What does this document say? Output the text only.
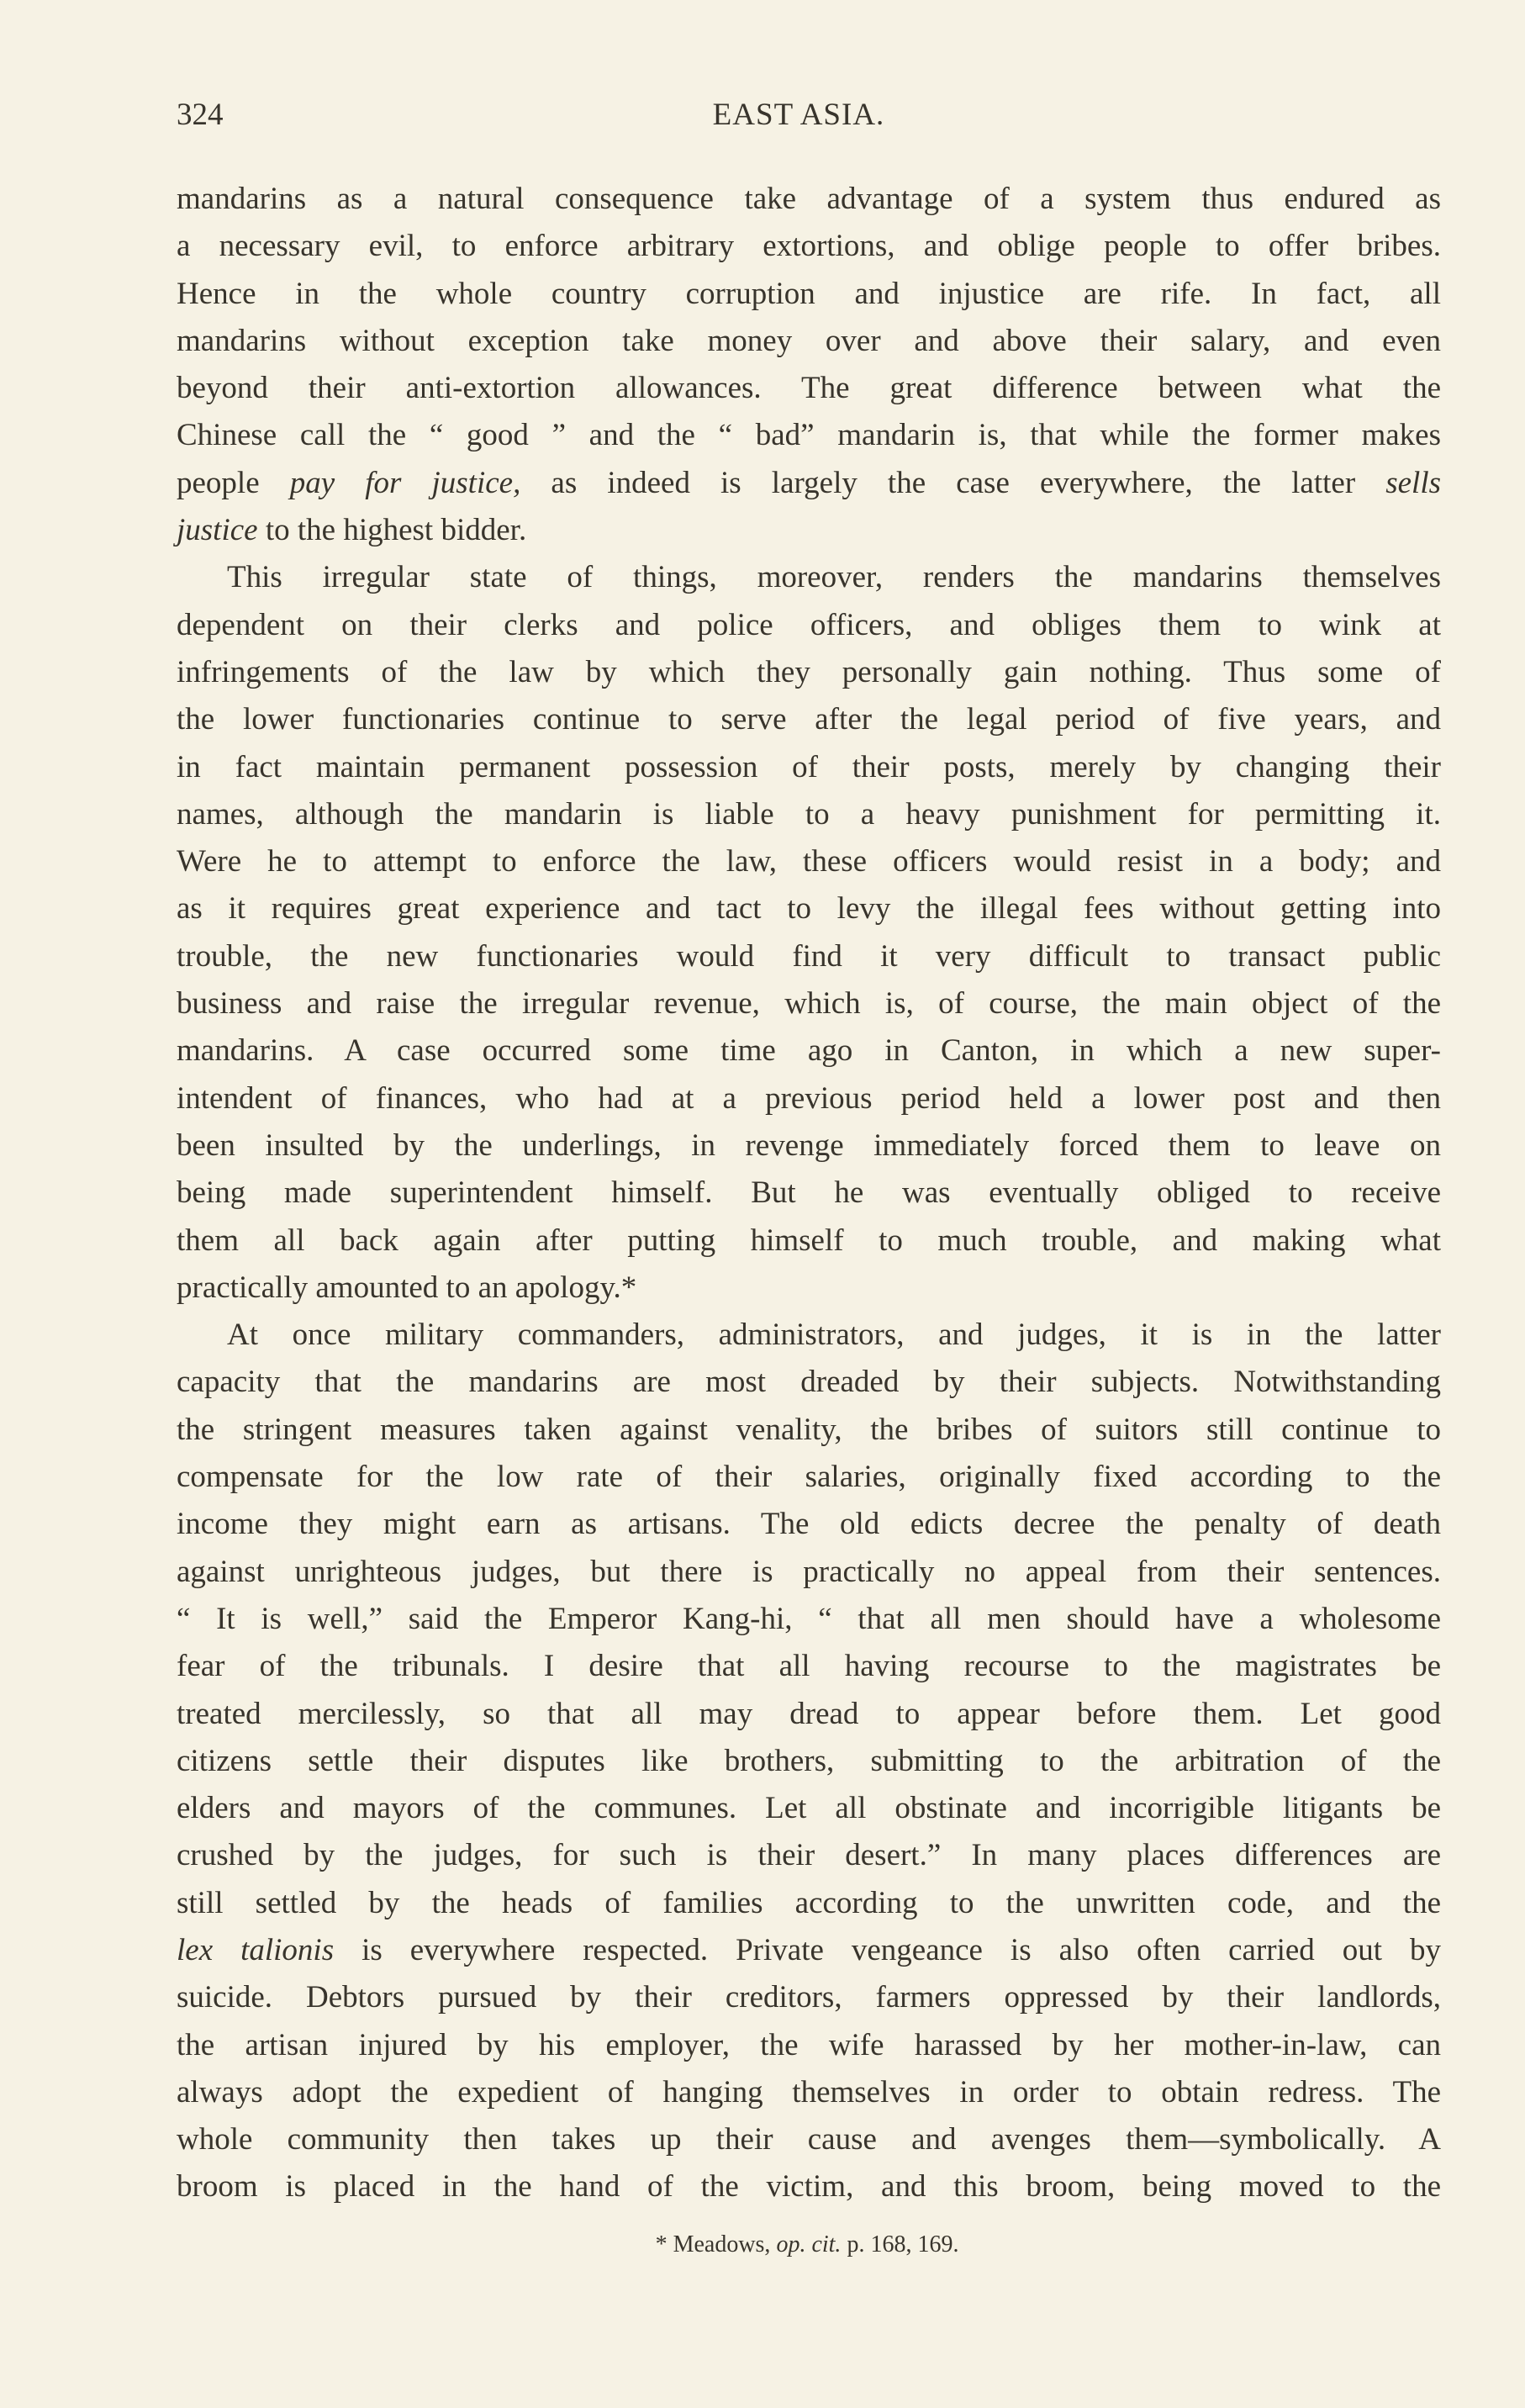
324	EAST ASIA.
mandarins as a natural consequence take advantage of a system thus endured as
a necessary evil, to enforce arbitrary extortions, and oblige people to offer bribes.
Hence in the whole country corruption and injustice are rife. In fact, all
mandarins without exception take money over and above their salary, and even
beyond their anti-extortion allowances. The great difference between what the
Chinese call the “ good ” and the “ bad” mandarin is, that while the former makes
people pay for justice, as indeed is largely the case everywhere, the latter sells
justice to the highest bidder.
This irregular state of things, moreover, renders the mandarins themselves
dependent on their clerks and police officers, and obliges them to wink at
infringements of the law by which they personally gain nothing. Thus some of
the lower functionaries continue to serve after the legal period of five years, and
in fact maintain permanent possession of their posts, merely by changing their
names, although the mandarin is liable to a heavy punishment for permitting it.
Were he to attempt to enforce the law, these officers would resist in a body; and
as it requires great experience and tact to levy the illegal fees without getting into
trouble, the new functionaries would find it very difficult to transact public
business and raise the irregular revenue, which is, of course, the main object of the
mandarins. A case occurred some time ago in Canton, in which a new super-
intendent of finances, who had at a previous period held a lower post and then
been insulted by the underlings, in revenge immediately forced them to leave on
being made superintendent himself. But he was eventually obliged to receive
them all back again after putting himself to much trouble, and making what
practically amounted to an apology.*
At once military commanders, administrators, and judges, it is in the latter
capacity that the mandarins are most dreaded by their subjects. Notwithstanding
the stringent measures taken against venality, the bribes of suitors still continue to
compensate for the low rate of their salaries, originally fixed according to the
income they might earn as artisans. The old edicts decree the penalty of death
against unrighteous judges, but there is practically no appeal from their sentences.
“ It is well,” said the Emperor Kang-hi, “ that all men should have a wholesome
fear of the tribunals. I desire that all having recourse to the magistrates be
treated mercilessly, so that all may dread to appear before them. Let good
citizens settle their disputes like brothers, submitting to the arbitration of the
elders and mayors of the communes. Let all obstinate and incorrigible litigants be
crushed by the judges, for such is their desert.” In many places differences are
still settled by the heads of families according to the unwritten code, and the
lex talionis is everywhere respected. Private vengeance is also often carried out by
suicide. Debtors pursued by their creditors, farmers oppressed by their landlords,
the artisan injured by his employer, the wife harassed by her mother-in-law, can
always adopt the expedient of hanging themselves in order to obtain redress. The
whole community then takes up their cause and avenges them—symbolically. A
broom is placed in the hand of the victim, and this broom, being moved to the
* Meadows, op. cit. p. 168, 169.
